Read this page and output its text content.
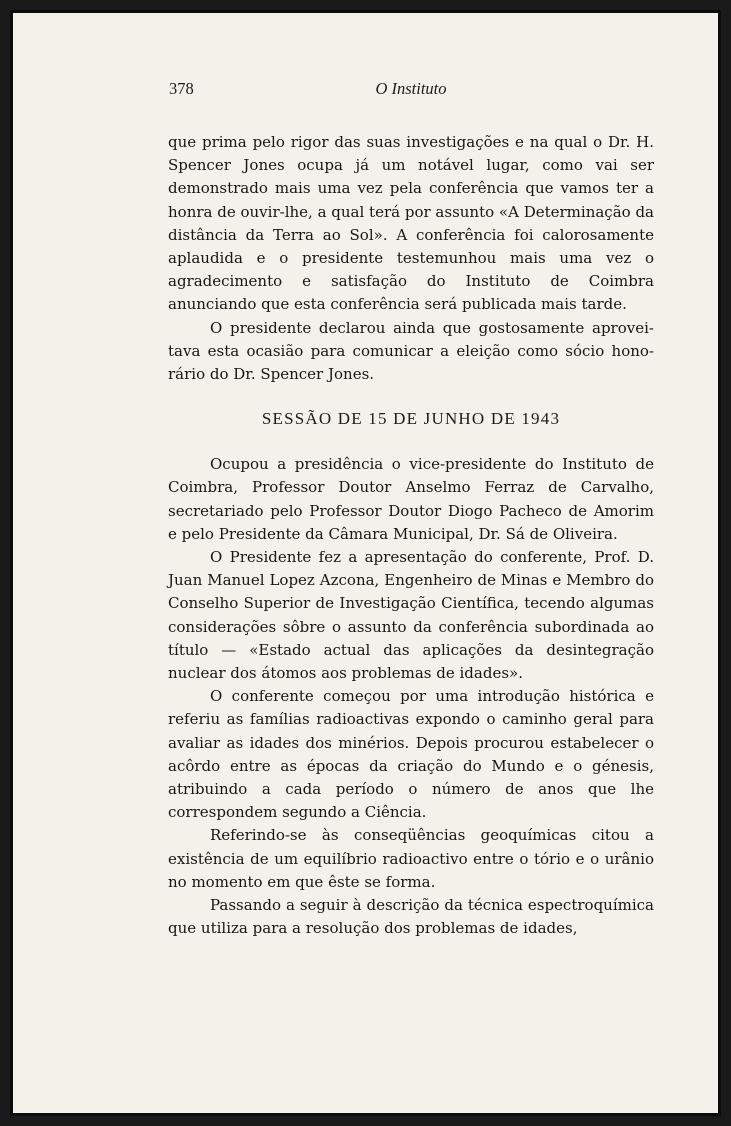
378	O Instituto

que prima pelo rigor das suas investigações e na qual o Dr. H. Spencer Jones ocupa já um notável lugar, como vai ser demonstrado mais uma vez pela conferência que vamos ter a honra de ouvir-lhe, a qual terá por assunto «A Determinação da distância da Terra ao Sol». A conferência foi calorosamente aplaudida e o presidente testemunhou mais uma vez o agradecimento e satisfação do Instituto de Coimbra anunciando que esta conferência será publicada mais tarde.

O presidente declarou ainda que gostosamente aproveitava esta ocasião para comunicar a eleição como sócio honorário do Dr. Spencer Jones.

SESSÃO DE 15 DE JUNHO DE 1943

Ocupou a presidência o vice-presidente do Instituto de Coimbra, Professor Doutor Anselmo Ferraz de Carvalho, secretariado pelo Professor Doutor Diogo Pacheco de Amorim e pelo Presidente da Câmara Municipal, Dr. Sá de Oliveira.

O Presidente fez a apresentação do conferente, Prof. D. Juan Manuel Lopez Azcona, Engenheiro de Minas e Membro do Conselho Superior de Investigação Científica, tecendo algumas considerações sôbre o assunto da conferência subordinada ao título — «Estado actual das aplicações da desintegração nuclear dos átomos aos problemas de idades».

O conferente começou por uma introdução histórica e referiu as famílias radioactivas expondo o caminho geral para avaliar as idades dos minérios. Depois procurou estabelecer o acôrdo entre as épocas da criação do Mundo e o génesis, atribuindo a cada período o número de anos que lhe correspondem segundo a Ciência.

Referindo-se às conseqüências geoquímicas citou a existência de um equilíbrio radioactivo entre o tório e o urânio no momento em que êste se forma.

Passando a seguir à descrição da técnica espectroquímica que utiliza para a resolução dos problemas de idades,
